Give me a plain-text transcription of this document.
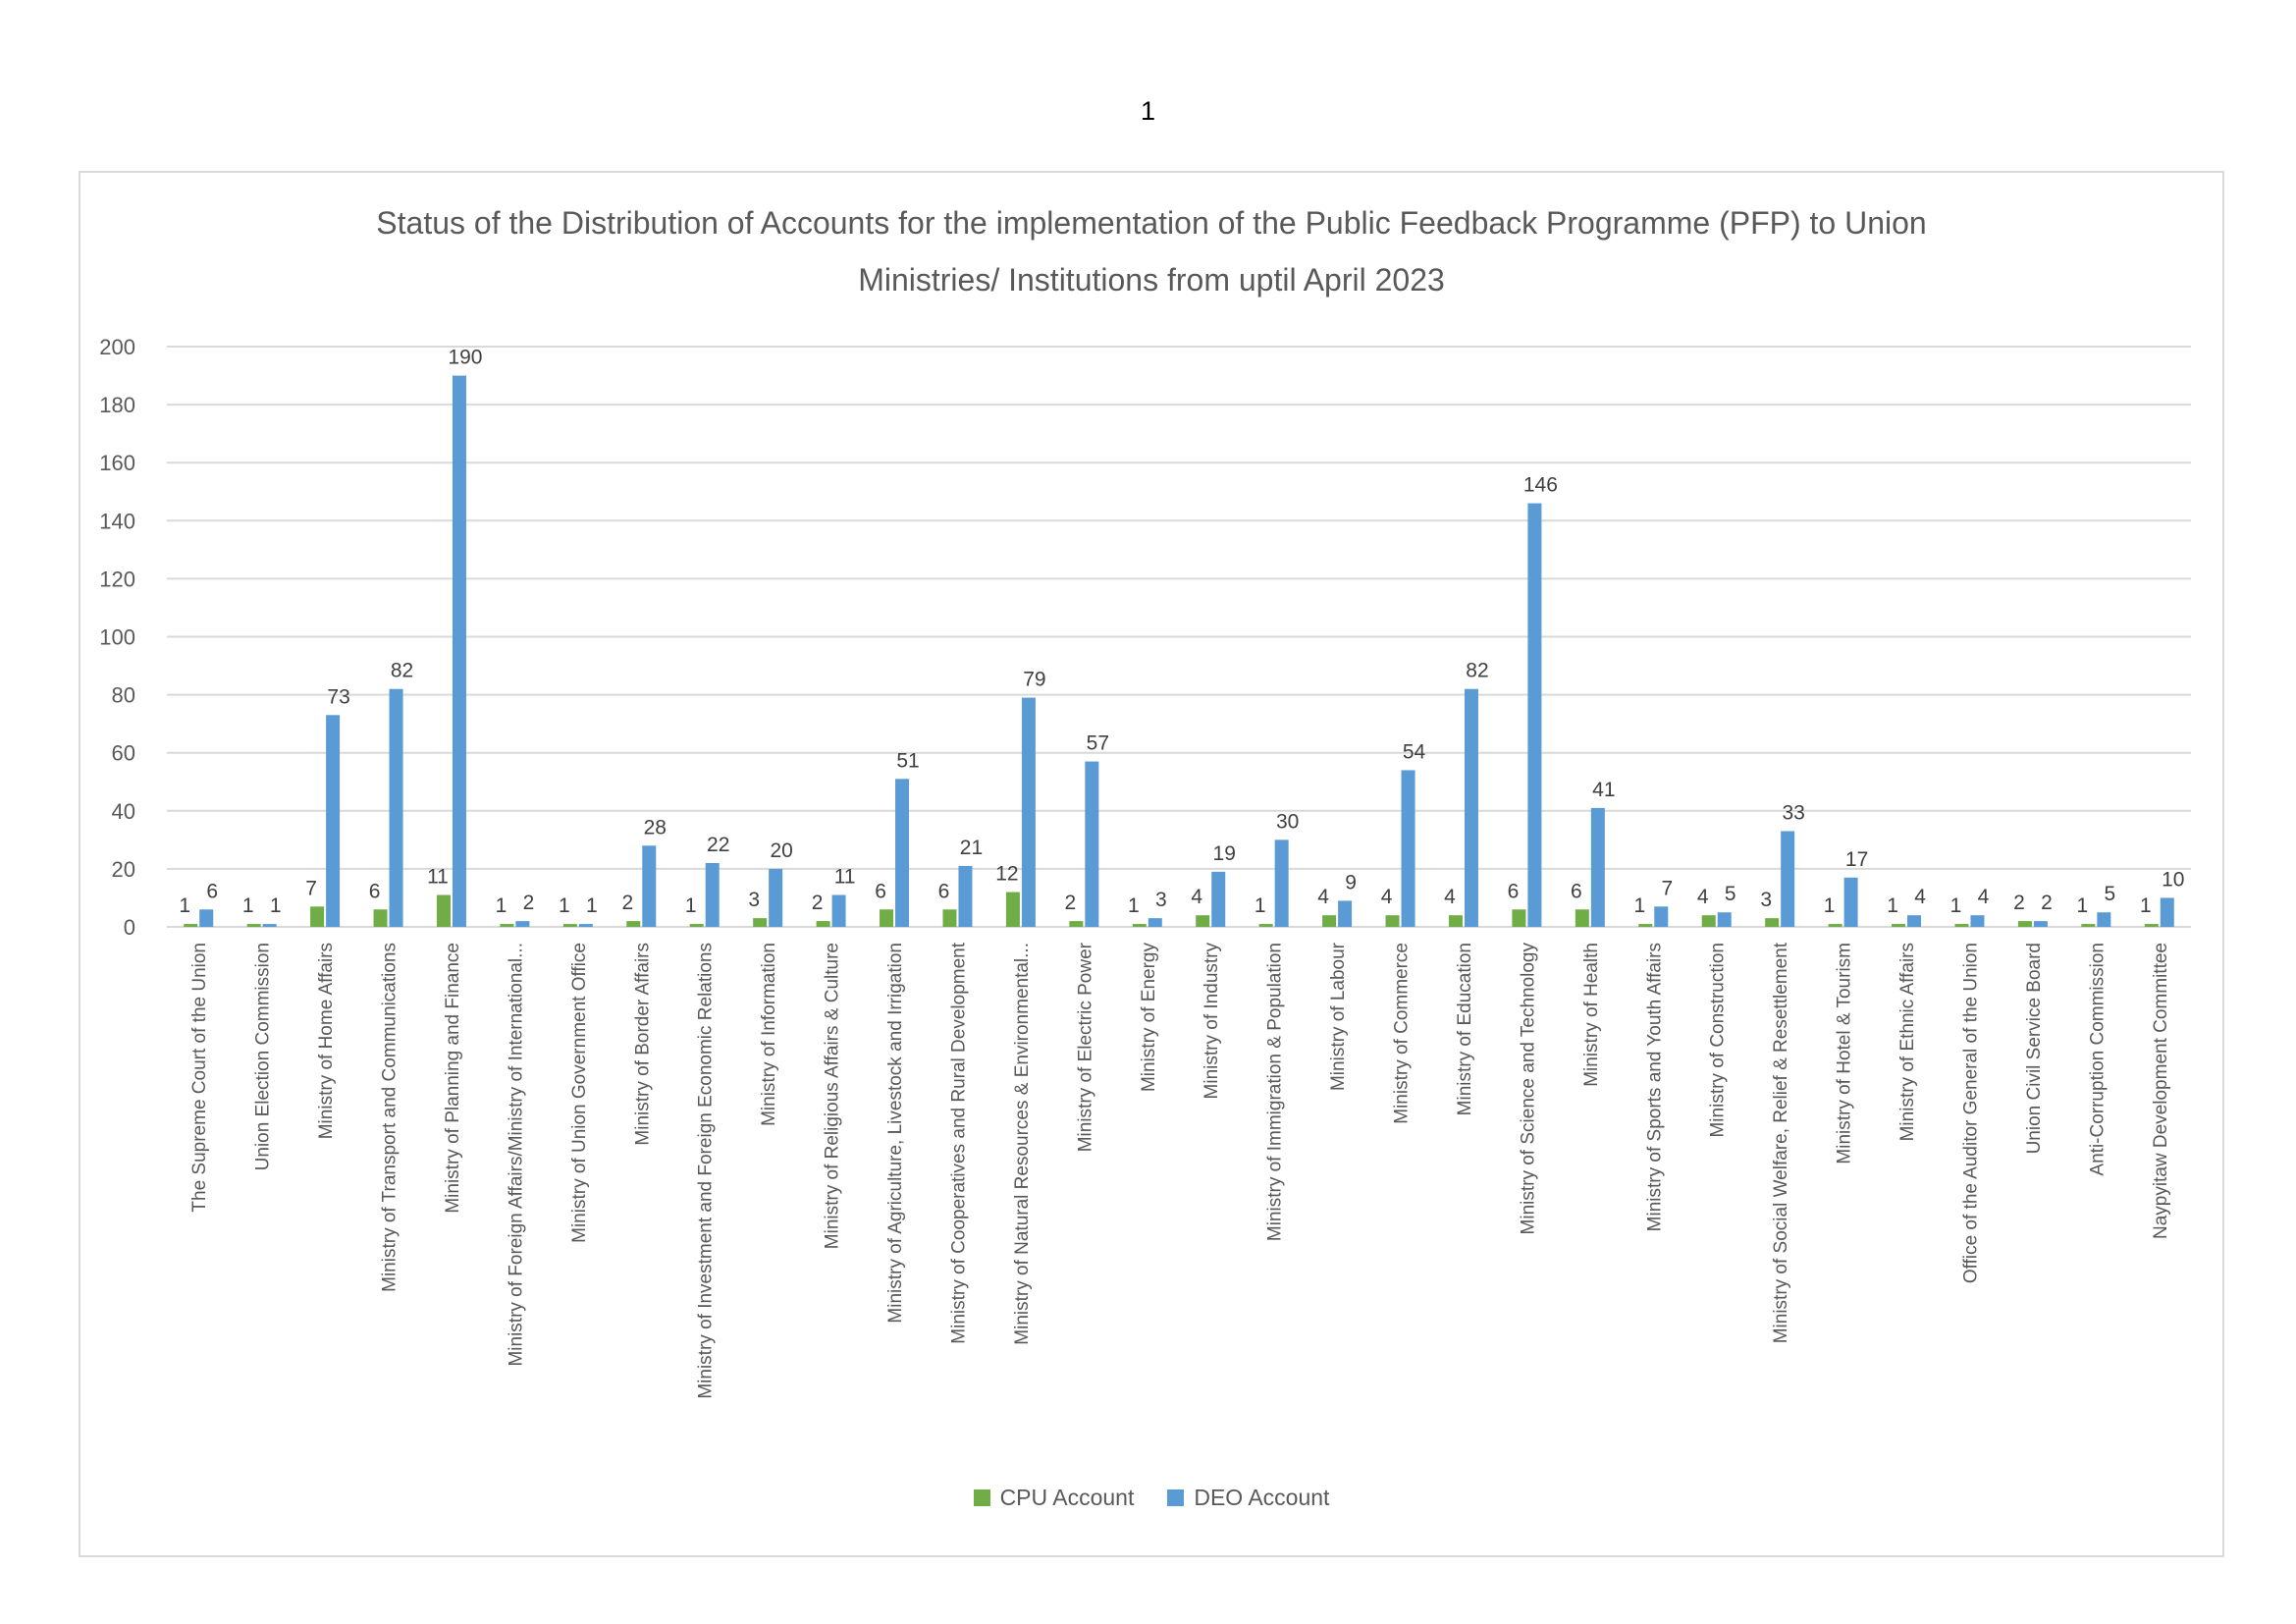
1
Status of the Distribution of Accounts for the implementation of the Public Feedback Programme (PFP) to Union
Ministries/ Institutions from uptil April 2023
0
20
40
60
80
100
120
140
160
180
200
1
6
The Supreme Court of the Union
1 1
Union Election Commission
7
73
Ministry of Home Affairs
6
82
Ministry of Transport and Communications
11
190
Ministry of Planning and Finance
1 2
Ministry of Foreign Affairs/Ministry of International...
1 1
Ministry of Union Government Office
2
28
Ministry of Border Affairs
1
22
Ministry of Investment and Foreign Economic Relations
3
20
Ministry of Information
2
11
Ministry of Religious Affairs & Culture
6
51
Ministry of Agriculture, Livestock and Irrigation
6
21
Ministry of Cooperatives and Rural Development
12
79
Ministry of Natural Resources & Environmental...
2
57
Ministry of Electric Power
1 3
Ministry of Energy
4
19
Ministry of Industry
1
30
Ministry of Immigration & Population
4
9
Ministry of Labour
4
54
Ministry of Commerce
4
82
Ministry of Education
6
146
Ministry of Science and Technology
6
41
Ministry of Health
1
7
Ministry of Sports and Youth Affairs
4 5
Ministry of Construction
3
33
Ministry of Social Welfare, Relief & Resettlement
1
17
Ministry of Hotel & Tourism
1 4
Ministry of Ethnic Affairs
1 4
Office of the Auditor General of the Union
2 2
Union Civil Service Board
1
5
Anti-Corruption Commission
1
10
Naypyitaw Development Committee
CPU Account	DEO Account
